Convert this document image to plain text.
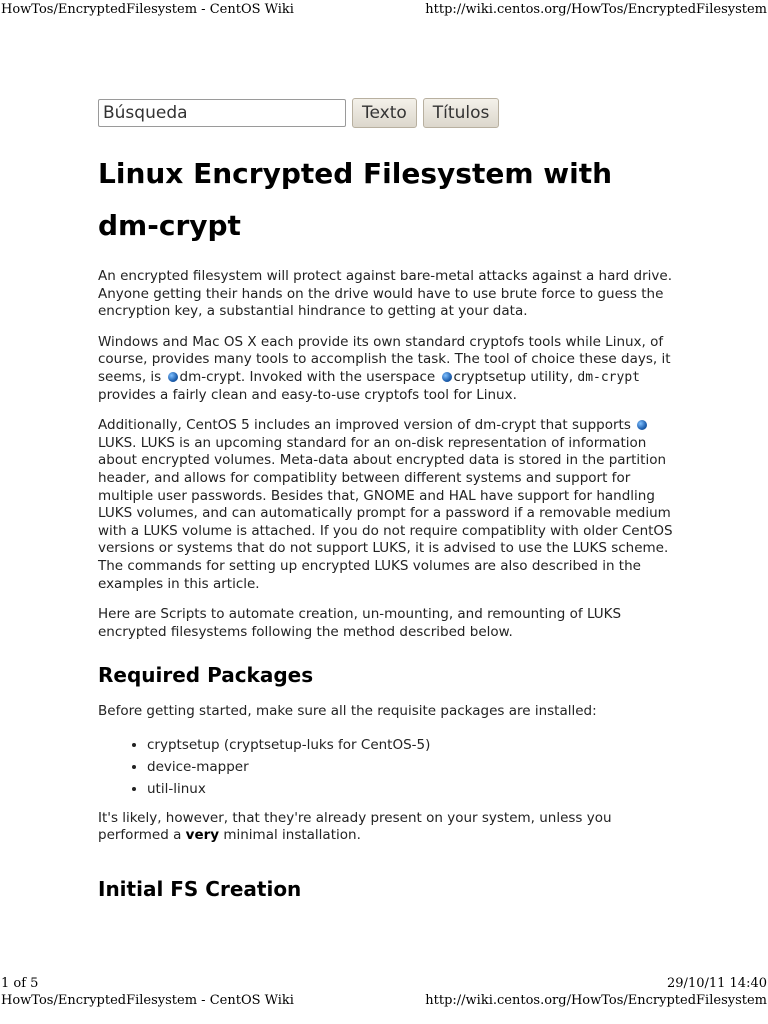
HowTos/EncryptedFilesystem - CentOS Wiki	http://wiki.centos.org/HowTos/EncryptedFilesystem
Búsqueda
Texto	Títulos
Linux Encrypted Filesystem with dm-crypt

An encrypted filesystem will protect against bare-metal attacks against a hard drive. Anyone getting their hands on the drive would have to use brute force to guess the encryption key, a substantial hindrance to getting at your data.

Windows and Mac OS X each provide its own standard cryptofs tools while Linux, of course, provides many tools to accomplish the task. The tool of choice these days, it seems, is dm-crypt. Invoked with the userspace cryptsetup utility, dm-crypt provides a fairly clean and easy-to-use cryptofs tool for Linux.

Additionally, CentOS 5 includes an improved version of dm-crypt that supports LUKS. LUKS is an upcoming standard for an on-disk representation of information about encrypted volumes. Meta-data about encrypted data is stored in the partition header, and allows for compatiblity between different systems and support for multiple user passwords. Besides that, GNOME and HAL have support for handling LUKS volumes, and can automatically prompt for a password if a removable medium with a LUKS volume is attached. If you do not require compatiblity with older CentOS versions or systems that do not support LUKS, it is advised to use the LUKS scheme. The commands for setting up encrypted LUKS volumes are also described in the examples in this article.

Here are Scripts to automate creation, un-mounting, and remounting of LUKS encrypted filesystems following the method described below.

Required Packages

Before getting started, make sure all the requisite packages are installed:

• cryptsetup (cryptsetup-luks for CentOS-5)
• device-mapper
• util-linux

It's likely, however, that they're already present on your system, unless you performed a very minimal installation.

Initial FS Creation
1 of 5	29/10/11 14:40
HowTos/EncryptedFilesystem - CentOS Wiki	http://wiki.centos.org/HowTos/EncryptedFilesystem
